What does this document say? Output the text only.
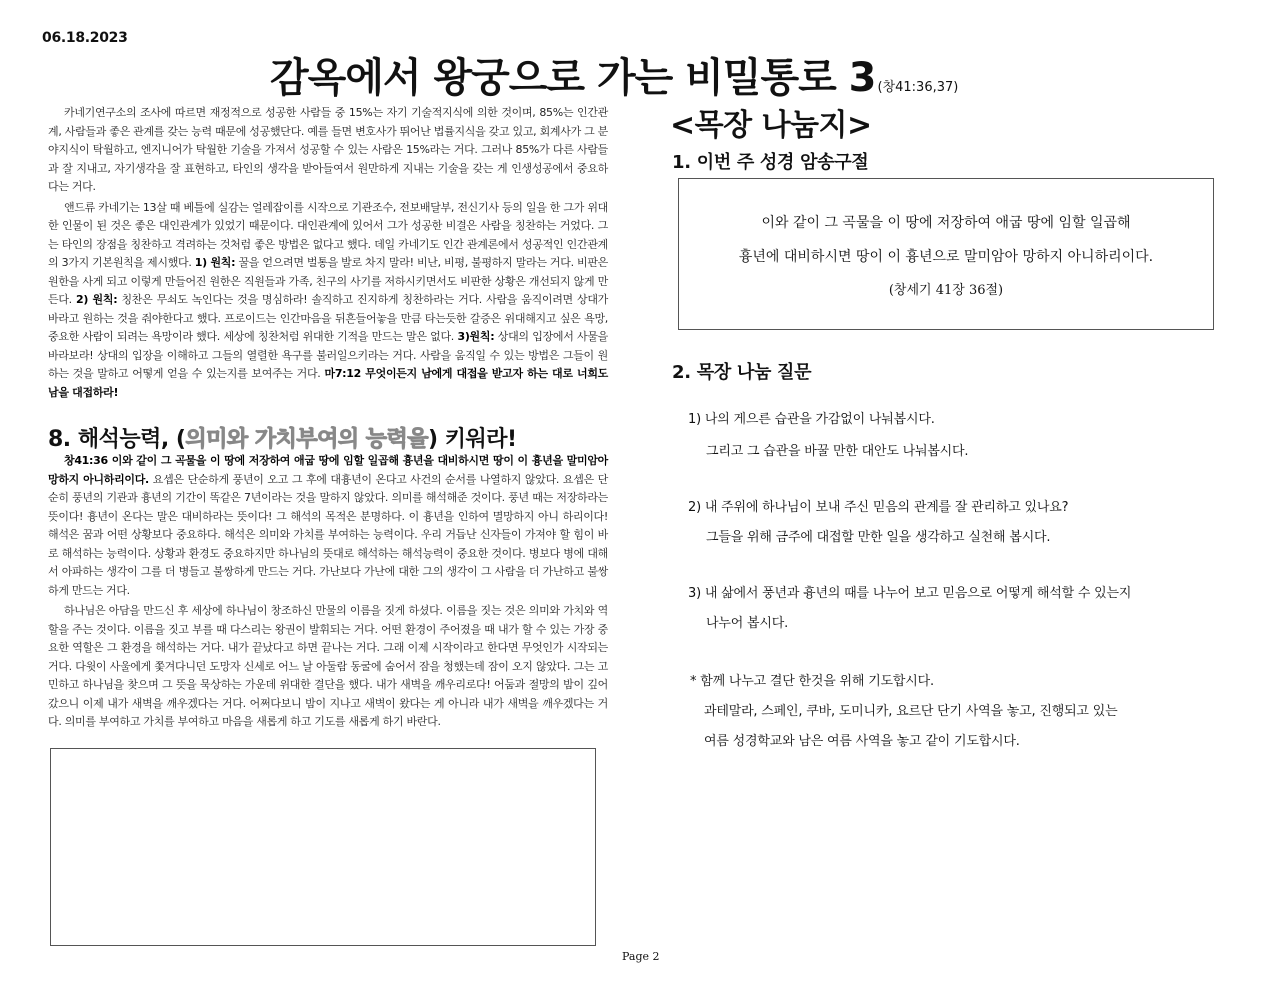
06.18.2023
감옥에서 왕궁으로 가는 비밀통로 3 (창41:36,37)

카네기연구소의 조사에 따르면 재정적으로 성공한 사람들 중 15%는 자기 기술적지식에 의한 것이며, 85%는 인간관계, 사람들과 좋은 관계를 갖는 능력 때문에 성공했단다. 예를 들면 변호사가 뛰어난 법률지식을 갖고 있고, 회계사가 그 분야지식이 탁월하고, 엔지니어가 탁월한 기술을 가져서 성공할 수 있는 사람은 15%라는 거다. 그러나 85%가 다른 사람들과 잘 지내고, 자기생각을 잘 표현하고, 타인의 생각을 받아들여서 원만하게 지내는 기술을 갖는 게 인생성공에서 중요하다는 거다.

앤드류 카네기는 13살 때 베틀에 실감는 얼레잡이를 시작으로 기관조수, 전보배달부, 전신기사 등의 일을 한 그가 위대한 인물이 된 것은 좋은 대인관계가 있었기 때문이다. 대인관계에 있어서 그가 성공한 비결은 사람을 칭찬하는 거었다. 그는 타인의 장점을 칭찬하고 격려하는 것처럼 좋은 방법은 없다고 했다. 데일 카네기도 인간 관계론에서 성공적인 인간관계의 3가지 기본원칙을 제시했다. 1) 원칙: 꿀을 얻으려면 벌통을 발로 차지 말라! 비난, 비평, 불평하지 말라는 거다. 비판은 원한을 사게 되고 이렇게 만들어진 원한은 직원들과 가족, 친구의 사기를 저하시키면서도 비판한 상황은 개선되지 않게 만든다. 2) 원칙: 칭찬은 무쇠도 녹인다는 것을 명심하라! 솔직하고 진지하게 칭찬하라는 거다. 사람을 움직이려면 상대가 바라고 원하는 것을 줘야한다고 했다. 프로이드는 인간마음을 뒤흔들어놓을 만큼 타는듯한 갈증은 위대해지고 싶은 욕망, 중요한 사람이 되려는 욕망이라 했다. 세상에 칭찬처럼 위대한 기적을 만드는 말은 없다. 3)원칙: 상대의 입장에서 사물을 바라보라! 상대의 입장을 이해하고 그들의 열렬한 욕구를 불러일으키라는 거다. 사람을 움직일 수 있는 방법은 그들이 원하는 것을 말하고 어떻게 얻을 수 있는지를 보여주는 거다. 마7:12 무엇이든지 남에게 대접을 받고자 하는 대로 너희도 남을 대접하라!

8. 해석능력, (의미와 가치부여의 능력을) 키워라!

창41:36 이와 같이 그 곡물을 이 땅에 저장하여 애굽 땅에 임할 일곱해 흉년을 대비하시면 땅이 이 흉년을 말미암아 망하지 아니하리이다. 요셉은 단순하게 풍년이 오고 그 후에 대흉년이 온다고 사건의 순서를 나열하지 않았다. 요셉은 단순히 풍년의 기관과 흉년의 기간이 똑같은 7년이라는 것을 말하지 않았다. 의미를 해석해준 것이다. 풍년 때는 저장하라는 뜻이다! 흉년이 온다는 말은 대비하라는 뜻이다! 그 해석의 목적은 분명하다. 이 흉년을 인하여 멸망하지 아니 하리이다! 해석은 꿈과 어떤 상황보다 중요하다. 해석은 의미와 가치를 부여하는 능력이다. 우리 거듭난 신자들이 가져야 할 힘이 바로 해석하는 능력이다. 상황과 환경도 중요하지만 하나님의 뜻대로 해석하는 해석능력이 중요한 것이다. 병보다 병에 대해서 아파하는 생각이 그를 더 병들고 불쌍하게 만드는 거다. 가난보다 가난에 대한 그의 생각이 그 사람을 더 가난하고 불쌍하게 만드는 거다.

하나님은 아담을 만드신 후 세상에 하나님이 창조하신 만물의 이름을 짓게 하셨다. 이름을 짓는 것은 의미와 가치와 역할을 주는 것이다. 이름을 짓고 부를 때 다스리는 왕권이 발휘되는 거다. 어떤 환경이 주어졌을 때 내가 할 수 있는 가장 중요한 역할은 그 환경을 해석하는 거다. 내가 끝났다고 하면 끝나는 거다. 그래 이제 시작이라고 한다면 무엇인가 시작되는 거다. 다윗이 사울에게 쫓겨다니던 도망자 신세로 어느 날 아둘람 동굴에 숨어서 잠을 청했는데 잠이 오지 않았다. 그는 고민하고 하나님을 찾으며 그 뜻을 묵상하는 가운데 위대한 결단을 했다. 내가 새벽을 깨우리로다! 어둠과 절망의 밤이 깊어갔으니 이제 내가 새벽을 깨우겠다는 거다. 어쩌다보니 밤이 지나고 새벽이 왔다는 게 아니라 내가 새벽을 깨우겠다는 거다. 의미를 부여하고 가치를 부여하고 마음을 새롭게 하고 기도를 새롭게 하기 바란다.

<목장 나눔지>
1. 이번 주 성경 암송구절
이와 같이 그 곡물을 이 땅에 저장하여 애굽 땅에 임할 일곱해
흉년에 대비하시면 땅이 이 흉년으로 말미암아 망하지 아니하리이다.
(창세기 41장 36절)
2. 목장 나눔 질문
1) 나의 게으른 습관을 가감없이 나눠봅시다.
그리고 그 습관을 바꿀 만한 대안도 나눠봅시다.
2) 내 주위에 하나님이 보내 주신 믿음의 관계를 잘 관리하고 있나요?
그들을 위해 금주에 대접할 만한 일을 생각하고 실천해 봅시다.
3) 내 삶에서 풍년과 흉년의 때를 나누어 보고 믿음으로 어떻게 해석할 수 있는지
나누어 봅시다.
* 함께 나누고 결단 한것을 위해 기도합시다.
과테말라, 스페인, 쿠바, 도미니카, 요르단 단기 사역을 놓고, 진행되고 있는
여름 성경학교와 남은 여름 사역을 놓고 같이 기도합시다.
Page 2
